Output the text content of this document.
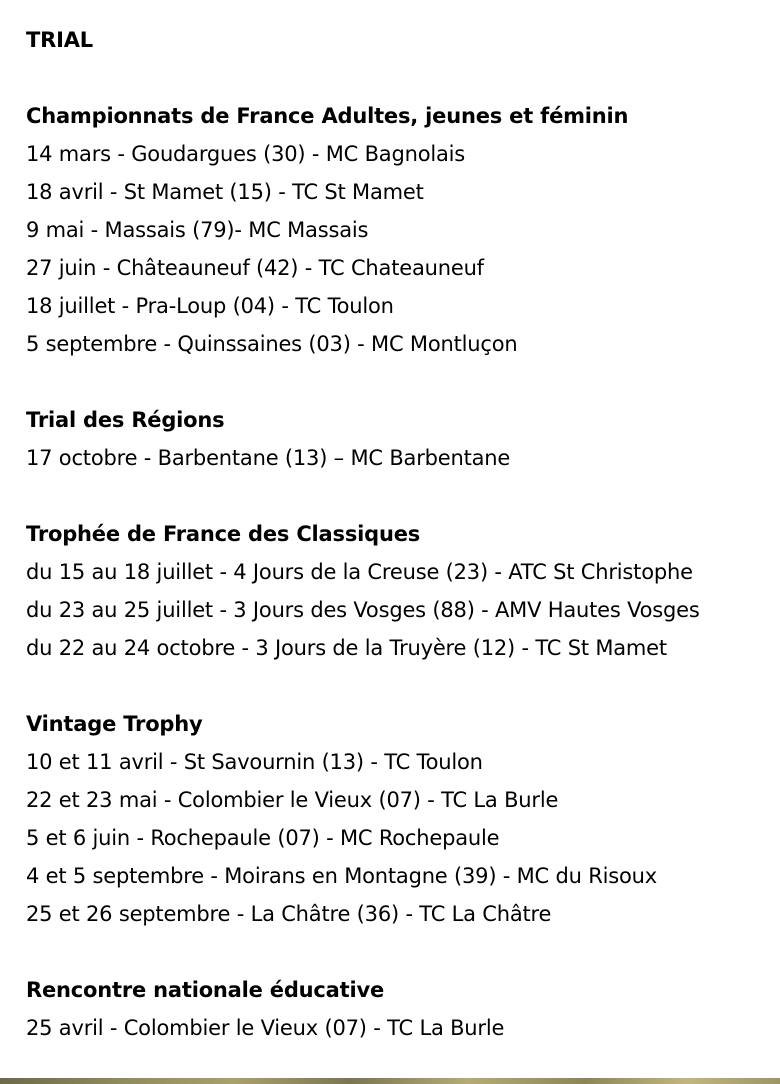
TRIAL
Championnats de France Adultes, jeunes et féminin
14 mars - Goudargues (30) - MC Bagnolais
18 avril - St Mamet (15) - TC St Mamet
9 mai - Massais (79)- MC Massais
27 juin - Châteauneuf (42) - TC Chateauneuf
18 juillet - Pra-Loup (04) - TC Toulon
5 septembre - Quinssaines (03) - MC Montluçon
Trial des Régions
17 octobre - Barbentane (13) – MC Barbentane
Trophée de France des Classiques
du 15 au 18 juillet - 4 Jours de la Creuse (23) - ATC St Christophe
du 23 au 25 juillet - 3 Jours des Vosges (88) - AMV Hautes Vosges
du 22 au 24 octobre - 3 Jours de la Truyère (12) - TC St Mamet
Vintage Trophy
10 et 11 avril - St Savournin (13) - TC Toulon
22 et 23 mai - Colombier le Vieux (07) - TC La Burle
5 et 6 juin - Rochepaule (07) - MC Rochepaule
4 et 5 septembre - Moirans en Montagne (39) - MC du Risoux
25 et 26 septembre - La Châtre (36) - TC La Châtre
Rencontre nationale éducative
25 avril - Colombier le Vieux (07) - TC La Burle
